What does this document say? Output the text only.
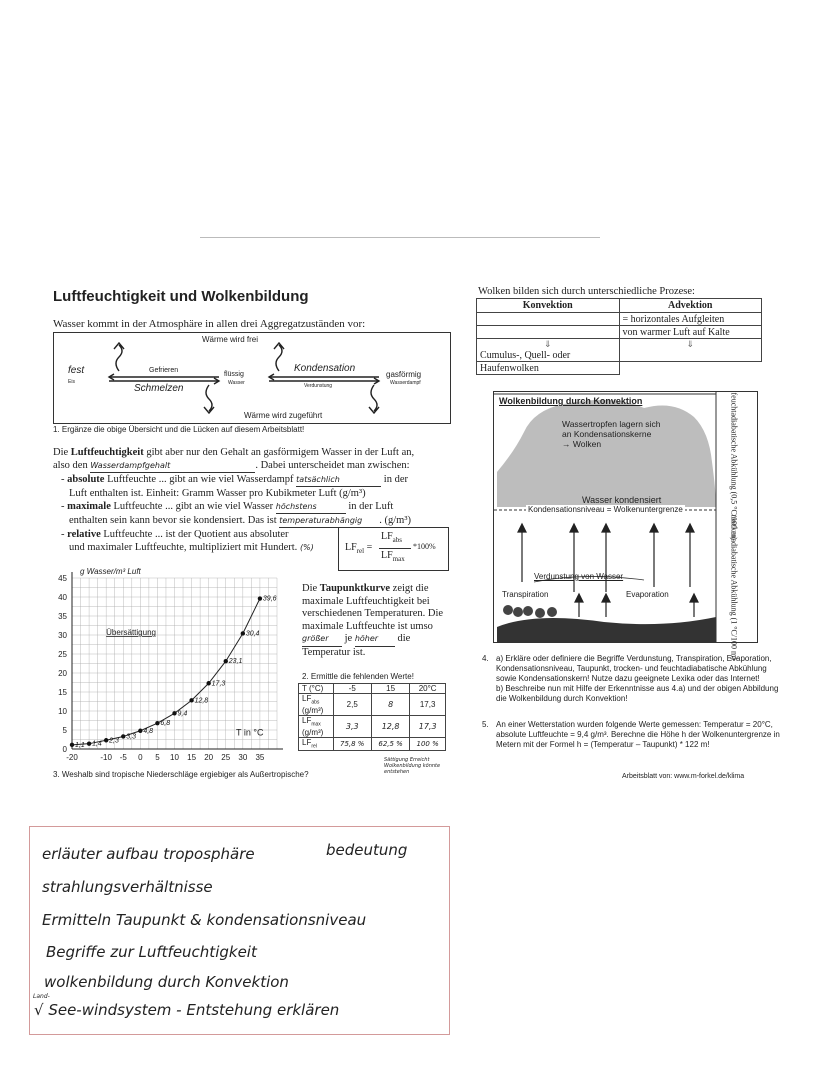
Luftfeuchtigkeit und Wolkenbildung
Wasser kommt in der Atmosphäre in allen drei Aggregatzuständen vor:
Wärme wird frei
Wärme wird zugeführt
fest
Eis
Gefrieren
Schmelzen
flüssig
Wasser
Kondensation
Verdunstung
gasförmig
Wasserdampf
1. Ergänze die obige Übersicht und die Lücken auf diesem Arbeitsblatt!
Die Luftfeuchtigkeit gibt aber nur den Gehalt an gasförmigem Wasser in der Luft an,
also den Wasserdampfgehalt	. Dabei unterscheidet man zwischen:
- absolute Luftfeuchte ... gibt an wie viel Wasserdampf tatsächlich	in der
Luft enthalten ist. Einheit: Gramm Wasser pro Kubikmeter Luft (g/m³)
- maximale Luftfeuchte ... gibt an wie viel Wasser höchstens	in der Luft
enthalten sein kann bevor sie kondensiert. Das ist temperaturabhängig . (g/m³)
- relative Luftfeuchte ... ist der Quotient aus absoluter
und maximaler Luftfeuchte, multipliziert mit Hundert. (%)	$LF_{rel}$ =
$LF_{abs}$
$LF_{max}$
*100%
0
5
10
15
20
25
30
35
40
45
-20	-10 -5 0 5 10 15 20 25 30 35
g Wasser/m³ Luft
T in °C
Übersättigung
1,1 1,4 2,3
3,3
4,8
6,8
9,4
12,8
17,3
23,1
30,4
39,6
Die Taupunktkurve zeigt die maximale Luftfeuchtigkeit bei verschiedenen Temperaturen. Die maximale Luftfeuchte ist umso größer je höher die Temperatur ist.
2. Ermittle die fehlenden Werte!
T (°C)	-5	15	20°C
$LF_{abs}$
(g/m³)	2,5	8	17,3
$LF_{max}$
(g/m³)	3,3	12,8	17,3
$LF_{rel}$	75,8 %	62,5 %	100 %
Sättigung Erreicht Wolkenbildung könnte entstehen
3. Weshalb sind tropische Niederschläge ergiebiger als Außertropische?
Wolken bilden sich durch unterschiedliche Prozese:
Konvektion	Advektion
	= horizontales Aufgleiten
	von warmer Luft auf Kalte

⇓
Cumulus-, Quell- oder	⇓
Haufenwolken	
Wolkenbildung durch Konvektion
Wassertropfen lagern sich
an Kondensationskerne
→ Wolken
Wasser kondensiert
Kondensationsniveau = Wolkenuntergrenze
Verdunstung von Wasser
Transpiration	Evaporation
feuchtadiabatische Abkühlung (0,5 °C/100 m)
trockenadiabatische Abkühlung (1 °C/100 m)
4. a) Erkläre oder definiere die Begriffe Verdunstung, Transpiration, Evaporation, Kondensationsniveau, Taupunkt, trocken- und feuchtadiabatische Abkühlung sowie Kondensationskern! Nutze dazu geeignete Lexika oder das Internet!
b) Beschreibe nun mit Hilfe der Erkenntnisse aus 4.a) und der obigen Abbildung die Wolkenbildung durch Konvektion!
5. An einer Wetterstation wurden folgende Werte gemessen: Temperatur = 20°C, absolute Luftfeuchte = 9,4 g/m³. Berechne die Höhe h der Wolkenuntergrenze in Metern mit der Formel h = (Temperatur – Taupunkt) * 122 m!
Arbeitsblatt von: www.m-forkel.de/klima
erläuter aufbau troposphäre	bedeutung
strahlungsverhältnisse
Ermitteln Taupunkt & kondensationsniveau
Begriffe zur Luftfeuchtigkeit
wolkenbildung durch Konvektion
Land-
√ See-windsystem - Entstehung erklären
